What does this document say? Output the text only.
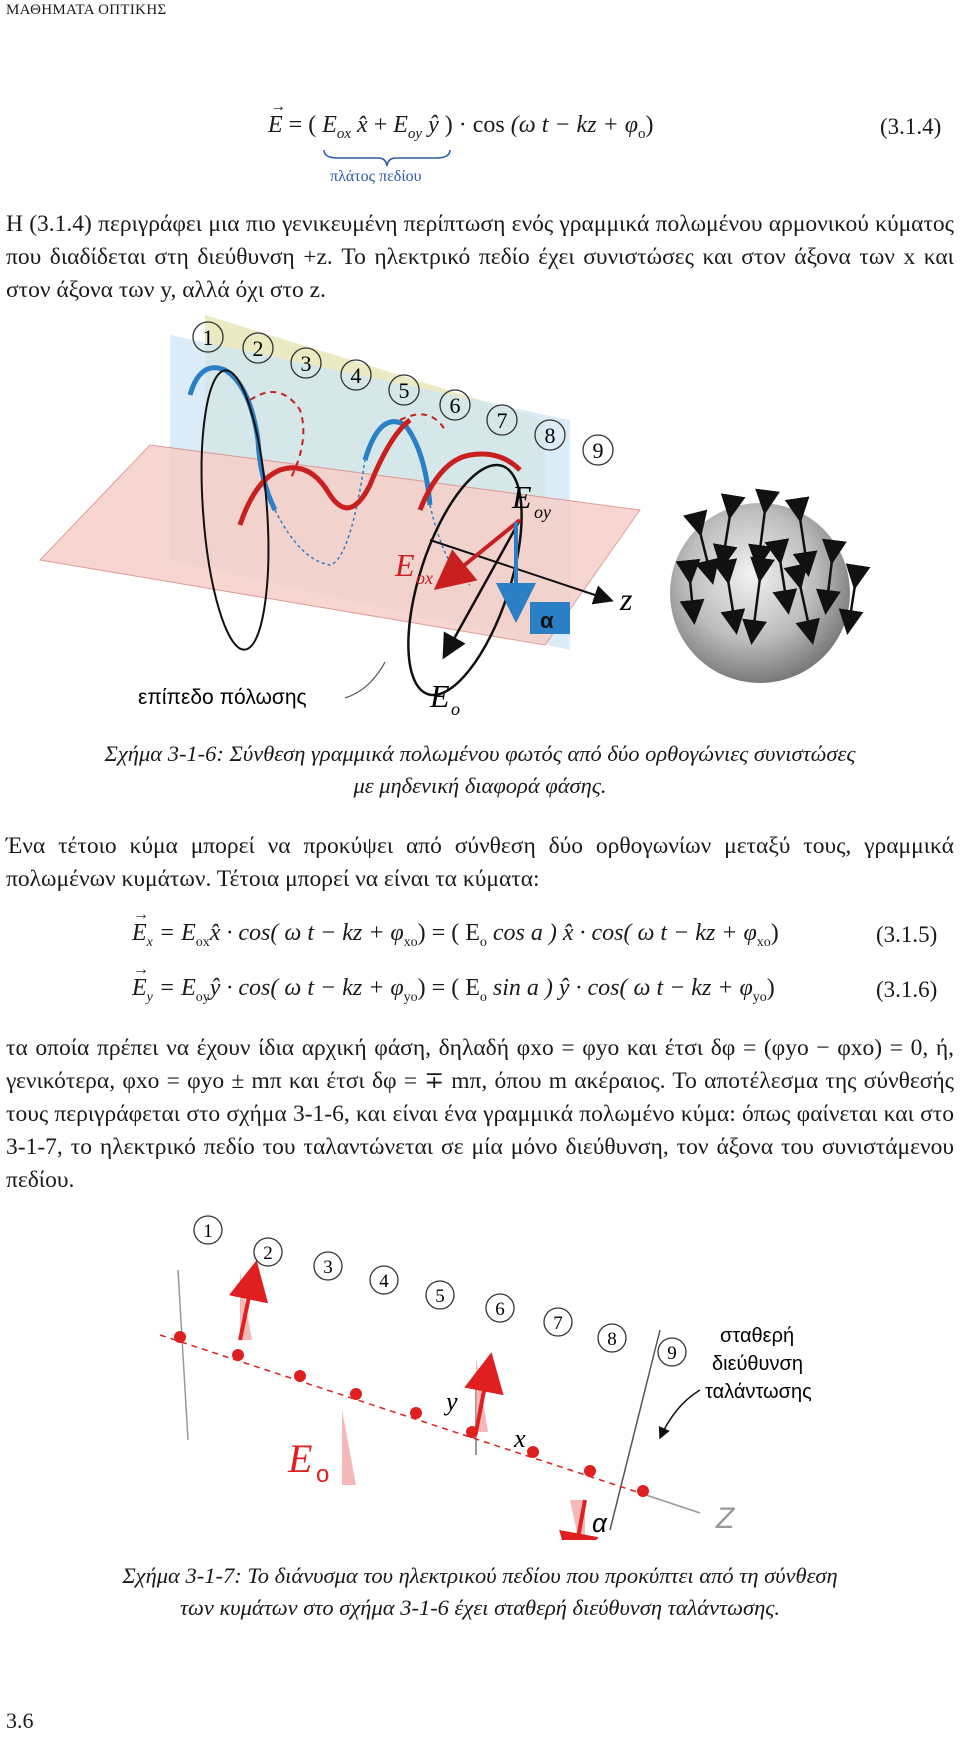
ΜΑΘΗΜΑΤΑ ΟΠΤΙΚΗΣ
→
E = ( $E_{ox}$ x̂ + $E_{oy}$ ŷ ) · cos (ω t − kz + $\varphi_o$)
πλάτος πεδίου
(3.1.4)

Η (3.1.4) περιγράφει μια πιο γενικευμένη περίπτωση ενός γραμμικά πολωμένου αρμονικού κύματος που διαδίδεται στη διεύθυνση +z. Το ηλεκτρικό πεδίο έχει συνιστώσες και στον άξονα των x και στον άξονα των y, αλλά όχι στο z.

α
1 2
3 4
5
6
7
8
9
E oy
E ox
E o
z
επίπεδο πόλωσης
Σχήμα 3-1-6: Σύνθεση γραμμικά πολωμένου φωτός από δύο ορθογώνιες συνιστώσες
με μηδενική διαφορά φάσης.

Ένα τέτοιο κύμα μπορεί να προκύψει από σύνθεση δύο ορθογωνίων μεταξύ τους, γραμμικά πολωμένων κυμάτων. Τέτοια μπορεί να είναι τα κύματα:

→
$E_x$ = $E_{ox}x̂ \cdot \cos$( ω t − kz + $\varphi_{xo}$) = ( $E_o$ cos a ) x̂ · cos( ω t − kz + $\varphi_{xo}$)	(3.1.5)
→
$E_y$ = $E_{oy}ŷ \cdot \cos$( ω t − kz + $\varphi_{yo}$) = ( $E_o$ sin a ) ŷ · cos( ω t − kz + $\varphi_{yo}$)	(3.1.6)

τα οποία πρέπει να έχουν ίδια αρχική φάση, δηλαδή φxο = φyο και έτσι δφ = (φyο − φxο) = 0, ή, γενικότερα, φxο = φyο ± mπ και έτσι δφ = ∓ mπ, όπου m ακέραιος. Το αποτέλεσμα της σύνθεσής τους περιγράφεται στο σχήμα 3-1-6, και είναι ένα γραμμικά πολωμένο κύμα: όπως φαίνεται και στο 3-1-7, το ηλεκτρικό πεδίο του ταλαντώνεται σε μία μόνο διεύθυνση, τον άξονα του συνιστάμενου πεδίου.

1
2
3
4
5
6
7
8
9
y
x
E o
α	Z
σταθερή
διεύθυνση
ταλάντωσης
Σχήμα 3-1-7: Το διάνυσμα του ηλεκτρικού πεδίου που προκύπτει από τη σύνθεση
των κυμάτων στο σχήμα 3-1-6 έχει σταθερή διεύθυνση ταλάντωσης.
3.6
